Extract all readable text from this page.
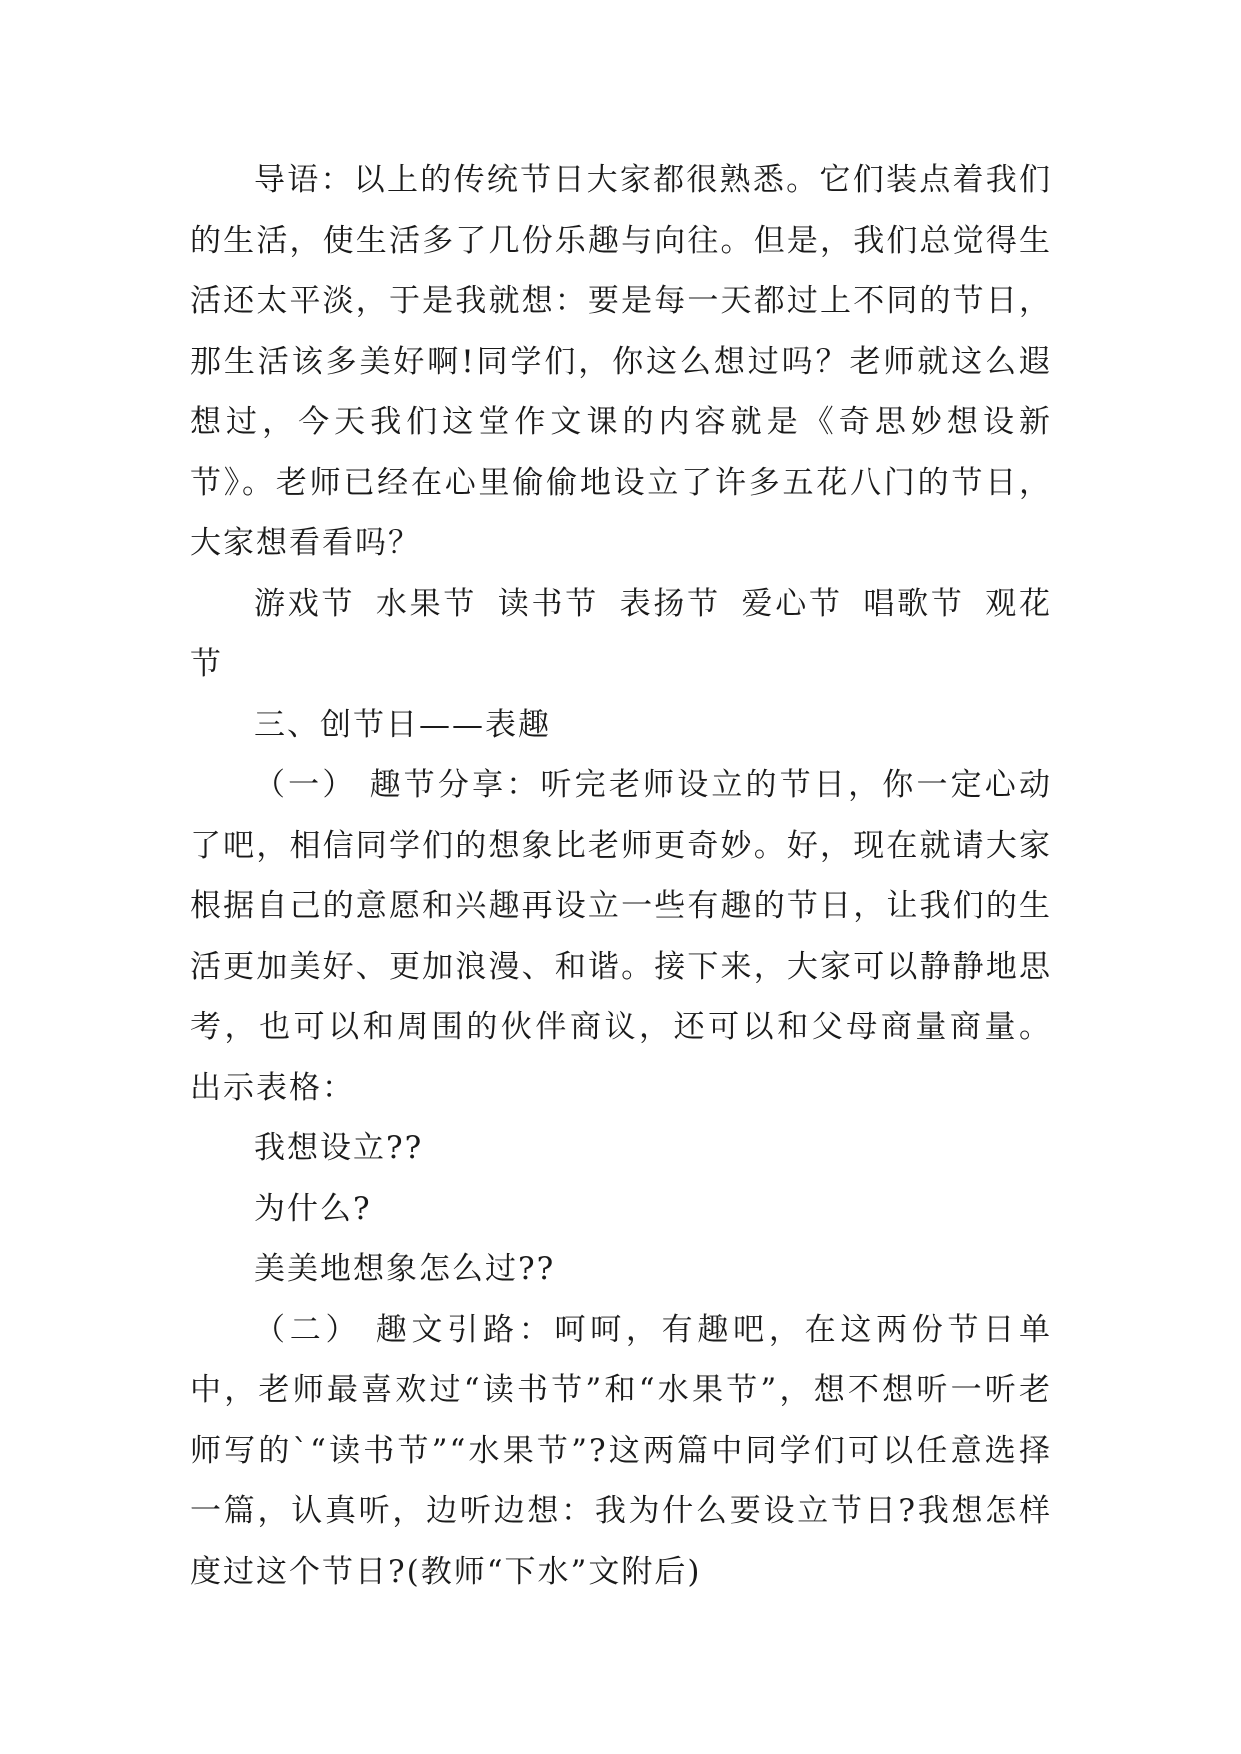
导语：以上的传统节日大家都很熟悉。它们装点着我们的生活，使生活多了几份乐趣与向往。但是，我们总觉得生活还太平淡，于是我就想：要是每一天都过上不同的节日，那生活该多美好啊!同学们，你这么想过吗？老师就这么遐想过，今天我们这堂作文课的内容就是《奇思妙想设新节》。老师已经在心里偷偷地设立了许多五花八门的节日，大家想看看吗？

游戏节 水果节 读书节 表扬节 爱心节 唱歌节 观花节

三、创节日——表趣

（一） 趣节分享：听完老师设立的节日，你一定心动了吧，相信同学们的想象比老师更奇妙。好，现在就请大家根据自己的意愿和兴趣再设立一些有趣的节日，让我们的生活更加美好、更加浪漫、和谐。接下来，大家可以静静地思考，也可以和周围的伙伴商议，还可以和父母商量商量。 出示表格：

我想设立??

为什么?

美美地想象怎么过??

（二） 趣文引路：呵呵，有趣吧，在这两份节日单中，老师最喜欢过“读书节”和“水果节”，想不想听一听老师写的`“读书节”“水果节”?这两篇中同学们可以任意选择一篇，认真听，边听边想：我为什么要设立节日?我想怎样度过这个节日?(教师“下水”文附后)
